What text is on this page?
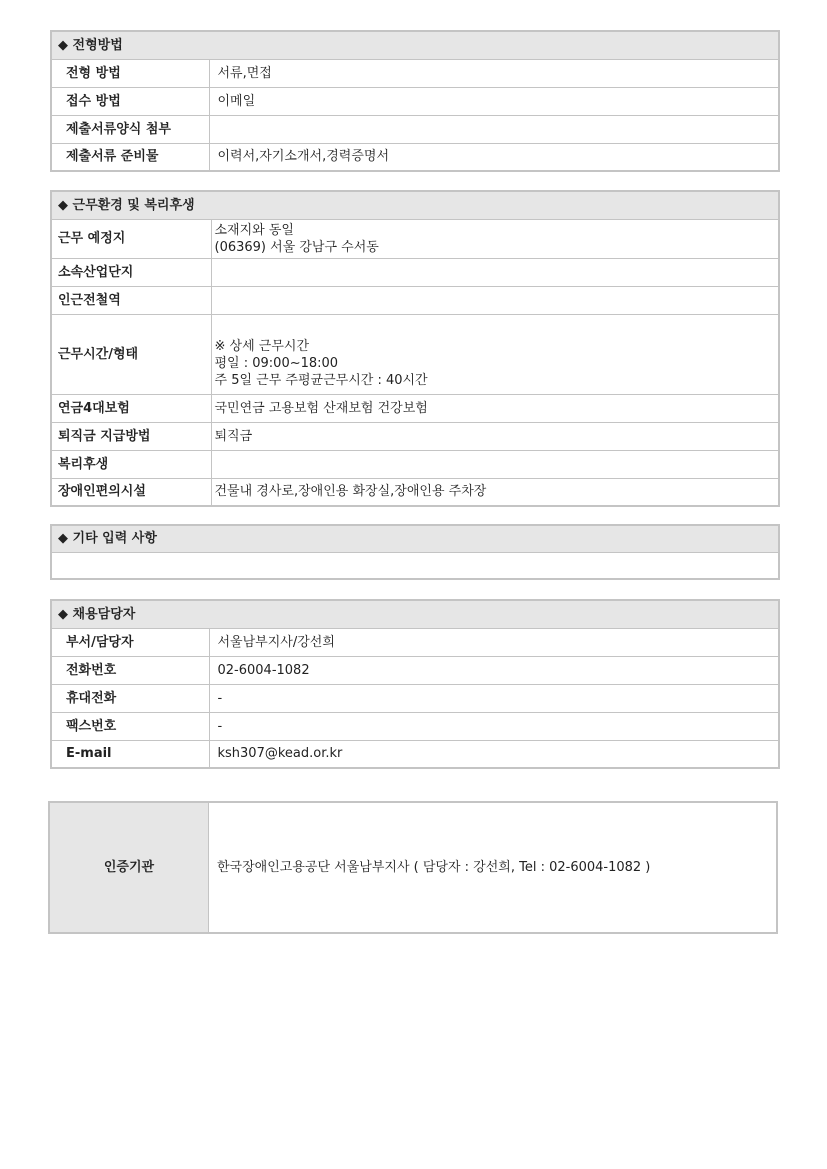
◆ 전형방법	
전형 방법	서류,면접
접수 방법	이메일
제출서류양식 첨부	
제출서류 준비물	이력서,자기소개서,경력증명서
◆ 근무환경 및 복리후생	
근무 예정지	소재지와 동일
(06369) 서울 강남구 수서동

소속산업단지	
인근전철역	
근무시간/형태	※ 상세 근무시간
평일 : 09:00~18:00
주 5일 근무 주평균근무시간 : 40시간

연금4대보험	국민연금 고용보험 산재보험 건강보험
퇴직금 지급방법	퇴직금
복리후생	
장애인편의시설	건물내 경사로,장애인용 화장실,장애인용 주차장
◆ 기타 입력 사항

◆ 채용담당자	
부서/담당자	서울남부지사/강선희
전화번호	02-6004-1082
휴대전화	-
팩스번호	-
E-mail	ksh307@kead.or.kr
인증기관	한국장애인고용공단 서울남부지사 ( 담당자 : 강선희, Tel : 02-6004-1082 )
